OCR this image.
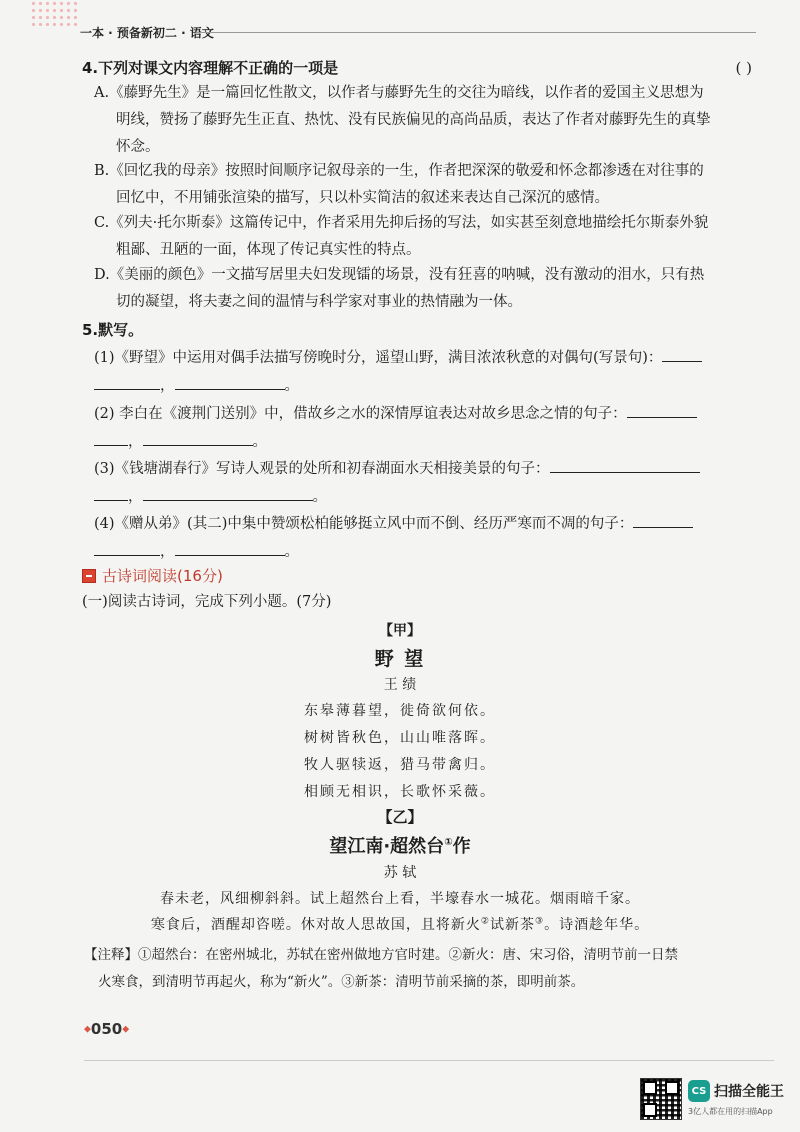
一本 · 预备新初二 · 语文
4.下列对课文内容理解不正确的一项是	( )
A.《藤野先生》是一篇回忆性散文，以作者与藤野先生的交往为暗线，以作者的爱国主义思想为
明线，赞扬了藤野先生正直、热忱、没有民族偏见的高尚品质，表达了作者对藤野先生的真挚
怀念。
B.《回忆我的母亲》按照时间顺序记叙母亲的一生，作者把深深的敬爱和怀念都渗透在对往事的
回忆中，不用铺张渲染的描写，只以朴实简洁的叙述来表达自己深沉的感情。
C.《列夫·托尔斯泰》这篇传记中，作者采用先抑后扬的写法，如实甚至刻意地描绘托尔斯泰外貌
粗鄙、丑陋的一面，体现了传记真实性的特点。
D.《美丽的颜色》一文描写居里夫妇发现镭的场景，没有狂喜的呐喊，没有激动的泪水，只有热
切的凝望，将夫妻之间的温情与科学家对事业的热情融为一体。
5.默写。
(1)《野望》中运用对偶手法描写傍晚时分，遥望山野，满目浓浓秋意的对偶句(写景句)：
，	。
(2) 李白在《渡荆门送别》中，借故乡之水的深情厚谊表达对故乡思念之情的句子：
，	。
(3)《钱塘湖春行》写诗人观景的处所和初春湖面水天相接美景的句子：
，	。
(4)《赠从弟》(其二)中集中赞颂松柏能够挺立风中而不倒、经历严寒而不凋的句子：
，	。
古诗词阅读(16分)
(一)阅读古诗词，完成下列小题。(7分)
【甲】
野 望
王 绩
东皋薄暮望，徙倚欲何依。
树树皆秋色，山山唯落晖。
牧人驱犊返，猎马带禽归。
相顾无相识，长歌怀采薇。
【乙】
望江南·超然台①作
苏 轼
春未老，风细柳斜斜。试上超然台上看，半壕春水一城花。烟雨暗千家。
寒食后，酒醒却咨嗟。休对故人思故国，且将新火②试新茶③。诗酒趁年华。
【注释】①超然台：在密州城北，苏轼在密州做地方官时建。②新火：唐、宋习俗，清明节前一日禁
火寒食，到清明节再起火，称为“新火”。③新茶：清明节前采摘的茶，即明前茶。
◆050◆
CS 扫描全能王
3亿人都在用的扫描App
